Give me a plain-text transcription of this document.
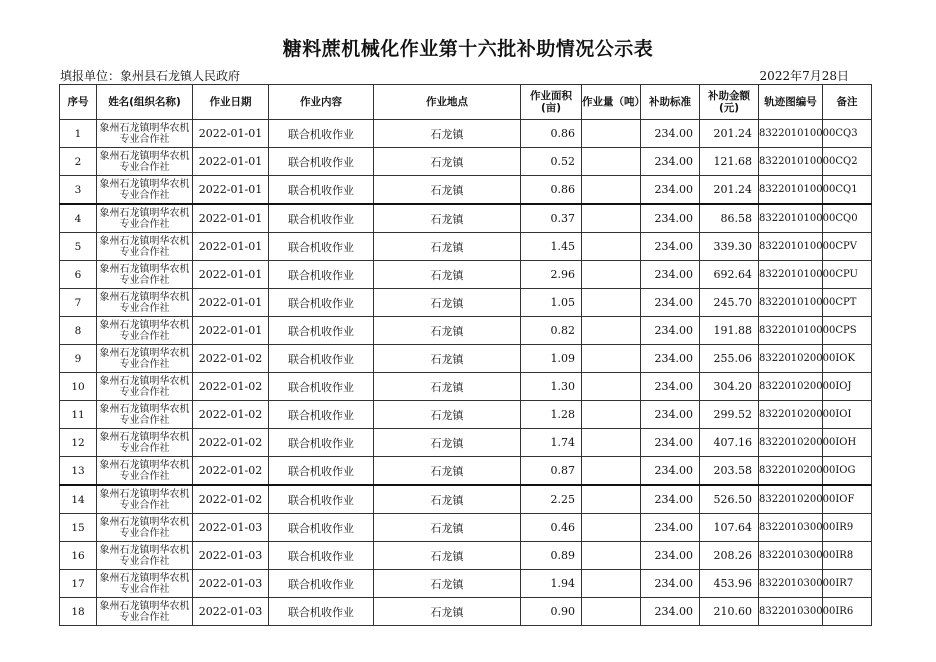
糖料蔗机械化作业第十六批补助情况公示表
填报单位：象州县石龙镇人民政府	2022年7月28日
序号	姓名(组织名称)	作业日期	作业内容	作业地点	作业面积(亩)	作业量（吨）	补助标准	补助金额(元)	轨迹图编号	备注
1	象州石龙镇明华农机专业合作社	2022-01-01	联合机收作业	石龙镇	0.86		234.00	201.24	832201010000CQ3	
2	象州石龙镇明华农机专业合作社	2022-01-01	联合机收作业	石龙镇	0.52		234.00	121.68	832201010000CQ2	
3	象州石龙镇明华农机专业合作社	2022-01-01	联合机收作业	石龙镇	0.86		234.00	201.24	832201010000CQ1	
4	象州石龙镇明华农机专业合作社	2022-01-01	联合机收作业	石龙镇	0.37		234.00	86.58	832201010000CQ0	
5	象州石龙镇明华农机专业合作社	2022-01-01	联合机收作业	石龙镇	1.45		234.00	339.30	832201010000CPV	
6	象州石龙镇明华农机专业合作社	2022-01-01	联合机收作业	石龙镇	2.96		234.00	692.64	832201010000CPU	
7	象州石龙镇明华农机专业合作社	2022-01-01	联合机收作业	石龙镇	1.05		234.00	245.70	832201010000CPT	
8	象州石龙镇明华农机专业合作社	2022-01-01	联合机收作业	石龙镇	0.82		234.00	191.88	832201010000CPS	
9	象州石龙镇明华农机专业合作社	2022-01-02	联合机收作业	石龙镇	1.09		234.00	255.06	832201020000IOK	
10	象州石龙镇明华农机专业合作社	2022-01-02	联合机收作业	石龙镇	1.30		234.00	304.20	832201020000IOJ	
11	象州石龙镇明华农机专业合作社	2022-01-02	联合机收作业	石龙镇	1.28		234.00	299.52	832201020000IOI	
12	象州石龙镇明华农机专业合作社	2022-01-02	联合机收作业	石龙镇	1.74		234.00	407.16	832201020000IOH	
13	象州石龙镇明华农机专业合作社	2022-01-02	联合机收作业	石龙镇	0.87		234.00	203.58	832201020000IOG	
14	象州石龙镇明华农机专业合作社	2022-01-02	联合机收作业	石龙镇	2.25		234.00	526.50	832201020000IOF	
15	象州石龙镇明华农机专业合作社	2022-01-03	联合机收作业	石龙镇	0.46		234.00	107.64	832201030000IR9	
16	象州石龙镇明华农机专业合作社	2022-01-03	联合机收作业	石龙镇	0.89		234.00	208.26	832201030000IR8	
17	象州石龙镇明华农机专业合作社	2022-01-03	联合机收作业	石龙镇	1.94		234.00	453.96	832201030000IR7	
18	象州石龙镇明华农机专业合作社	2022-01-03	联合机收作业	石龙镇	0.90		234.00	210.60	832201030000IR6	
